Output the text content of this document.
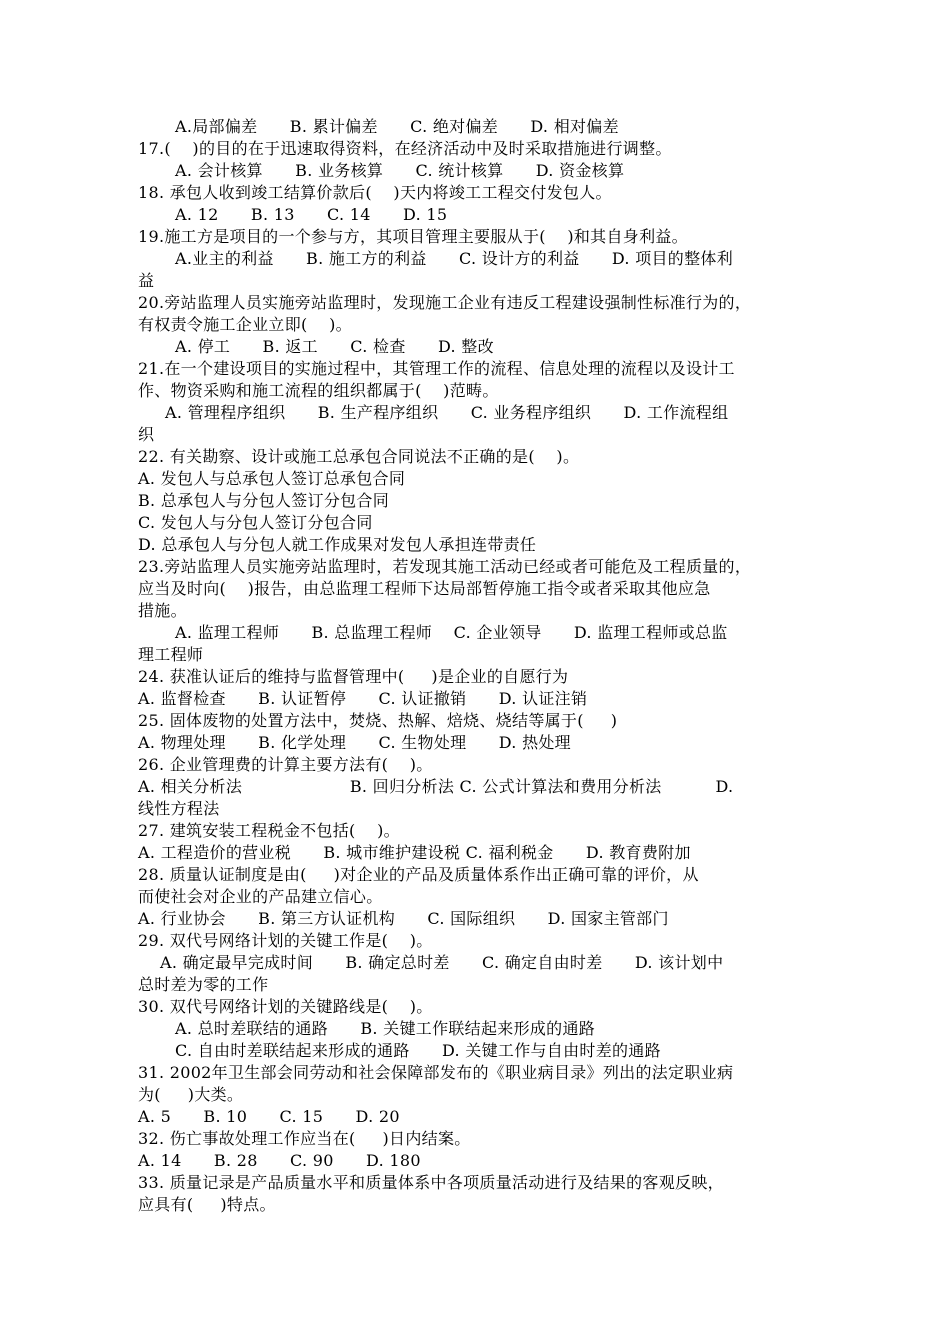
A.局部偏差      B. 累计偏差      C. 绝对偏差      D. 相对偏差
17.(    )的目的在于迅速取得资料，在经济活动中及时采取措施进行调整。
A. 会计核算      B. 业务核算      C. 统计核算      D. 资金核算
18. 承包人收到竣工结算价款后(    )天内将竣工工程交付发包人。
A. 12      B. 13      C. 14      D. 15
19.施工方是项目的一个参与方，其项目管理主要服从于(    )和其自身利益。
A.业主的利益      B. 施工方的利益      C. 设计方的利益      D. 项目的整体利
益
20.旁站监理人员实施旁站监理时，发现施工企业有违反工程建设强制性标准行为的，
有权责令施工企业立即(    )。
A. 停工      B. 返工      C. 检查      D. 整改
21.在一个建设项目的实施过程中，其管理工作的流程、信息处理的流程以及设计工
作、物资采购和施工流程的组织都属于(    )范畴。
A. 管理程序组织      B. 生产程序组织      C. 业务程序组织      D. 工作流程组
织
22. 有关勘察、设计或施工总承包合同说法不正确的是(    )。
A. 发包人与总承包人签订总承包合同
B. 总承包人与分包人签订分包合同
C. 发包人与分包人签订分包合同
D. 总承包人与分包人就工作成果对发包人承担连带责任
23.旁站监理人员实施旁站监理时，若发现其施工活动已经或者可能危及工程质量的，
应当及时向(    )报告，由总监理工程师下达局部暂停施工指令或者采取其他应急
措施。
A. 监理工程师      B. 总监理工程师    C. 企业领导      D. 监理工程师或总监
理工程师
24. 获准认证后的维持与监督管理中(     )是企业的自愿行为
A. 监督检查      B. 认证暂停      C. 认证撤销      D. 认证注销
25. 固体废物的处置方法中，焚烧、热解、焙烧、烧结等属于(     )
A. 物理处理      B. 化学处理      C. 生物处理      D. 热处理
26. 企业管理费的计算主要方法有(    )。
A. 相关分析法                    B. 回归分析法 C. 公式计算法和费用分析法          D.
线性方程法
27. 建筑安装工程税金不包括(    )。
A. 工程造价的营业税      B. 城市维护建设税 C. 福利税金      D. 教育费附加
28. 质量认证制度是由(     )对企业的产品及质量体系作出正确可靠的评价，从
而使社会对企业的产品建立信心。
A. 行业协会      B. 第三方认证机构      C. 国际组织      D. 国家主管部门
29. 双代号网络计划的关键工作是(    )。
A. 确定最早完成时间      B. 确定总时差      C. 确定自由时差      D. 该计划中
总时差为零的工作
30. 双代号网络计划的关键路线是(    )。
A. 总时差联结的通路      B. 关键工作联结起来形成的通路
C. 自由时差联结起来形成的通路      D. 关键工作与自由时差的通路
31. 2002年卫生部会同劳动和社会保障部发布的《职业病目录》列出的法定职业病
为(     )大类。
A. 5      B. 10      C. 15      D. 20
32. 伤亡事故处理工作应当在(     )日内结案。
A. 14      B. 28      C. 90      D. 180
33. 质量记录是产品质量水平和质量体系中各项质量活动进行及结果的客观反映，
应具有(     )特点。
